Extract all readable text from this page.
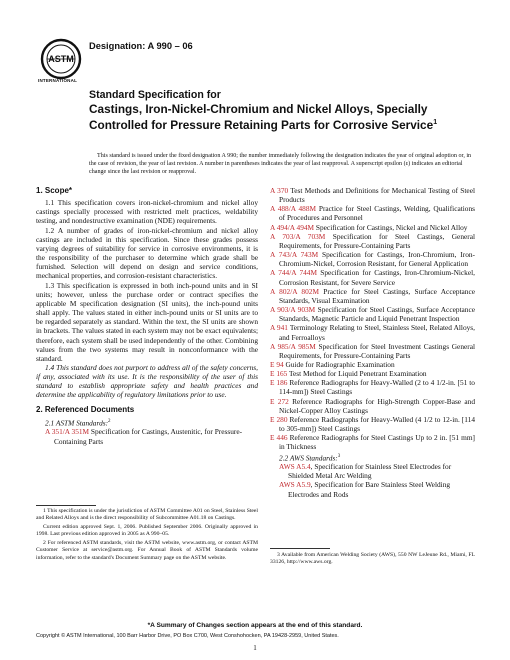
ASTM
INTERNATIONAL
Designation: A 990 – 06
Standard Specification for
Castings, Iron-Nickel-Chromium and Nickel Alloys, Specially Controlled for Pressure Retaining Parts for Corrosive Service$^1$
This standard is issued under the fixed designation A 990; the number immediately following the designation indicates the year of original adoption or, in the case of revision, the year of last revision. A number in parentheses indicates the year of last reapproval. A superscript epsilon (ε) indicates an editorial change since the last revision or reapproval.

1. Scope*

1.1 This specification covers iron-nickel-chromium and nickel alloy castings specially processed with restricted melt practices, weldability testing, and nondestructive examination (NDE) requirements.

1.2 A number of grades of iron-nickel-chromium and nickel alloy castings are included in this specification. Since these grades possess varying degrees of suitability for service in corrosive environments, it is the responsibility of the purchaser to determine which grade shall be furnished. Selection will depend on design and service conditions, mechanical properties, and corrosion-resistant characteristics.

1.3 This specification is expressed in both inch-pound units and in SI units; however, unless the purchase order or contract specifies the applicable M specification designation (SI units), the inch-pound units shall apply. The values stated in either inch-pound units or SI units are to be regarded separately as standard. Within the text, the SI units are shown in brackets. The values stated in each system may not be exact equivalents; therefore, each system shall be used independently of the other. Combining values from the two systems may result in nonconformance with the standard.

1.4 This standard does not purport to address all of the safety concerns, if any, associated with its use. It is the responsibility of the user of this standard to establish appropriate safety and health practices and determine the applicability of regulatory limitations prior to use.

2. Referenced Documents

2.1 ASTM Standards:$^2$

A 351/A 351M Specification for Castings, Austenitic, for Pressure-Containing Parts

A 370 Test Methods and Definitions for Mechanical Testing of Steel Products

A 488/A 488M Practice for Steel Castings, Welding, Qualifications of Procedures and Personnel

A 494/A 494M Specification for Castings, Nickel and Nickel Alloy

A 703/A 703M Specification for Steel Castings, General Requirements, for Pressure-Containing Parts

A 743/A 743M Specification for Castings, Iron-Chromium, Iron-Chromium-Nickel, Corrosion Resistant, for General Application

A 744/A 744M Specification for Castings, Iron-Chromium-Nickel, Corrosion Resistant, for Severe Service

A 802/A 802M Practice for Steel Castings, Surface Acceptance Standards, Visual Examination

A 903/A 903M Specification for Steel Castings, Surface Acceptance Standards, Magnetic Particle and Liquid Penetrant Inspection

A 941 Terminology Relating to Steel, Stainless Steel, Related Alloys, and Ferroalloys

A 985/A 985M Specification for Steel Investment Castings General Requirements, for Pressure-Containing Parts

E 94 Guide for Radiographic Examination

E 165 Test Method for Liquid Penetrant Examination

E 186 Reference Radiographs for Heavy-Walled (2 to 4 1/2-in. [51 to 114-mm]) Steel Castings

E 272 Reference Radiographs for High-Strength Copper-Base and Nickel-Copper Alloy Castings

E 280 Reference Radiographs for Heavy-Walled (4 1/2 to 12-in. [114 to 305-mm]) Steel Castings

E 446 Reference Radiographs for Steel Castings Up to 2 in. [51 mm] in Thickness

2.2 AWS Standards:$^3$

AWS A5.4, Specification for Stainless Steel Electrodes for Shielded Metal Arc Welding

AWS A5.9, Specification for Bare Stainless Steel Welding Electrodes and Rods

1 This specification is under the jurisdiction of ASTM Committee A01 on Steel, Stainless Steel and Related Alloys and is the direct responsibility of Subcommittee A01.18 on Castings.

Current edition approved Sept. 1, 2006. Published September 2006. Originally approved in 1998. Last previous edition approved in 2005 as A 990–05.

2 For referenced ASTM standards, visit the ASTM website, www.astm.org, or contact ASTM Customer Service at service@astm.org. For Annual Book of ASTM Standards volume information, refer to the standard's Document Summary page on the ASTM website.	3 Available from American Welding Society (AWS), 550 NW LeJeune Rd., Miami, FL 33126, http://www.aws.org.

*A Summary of Changes section appears at the end of this standard.
Copyright © ASTM International, 100 Barr Harbor Drive, PO Box C700, West Conshohocken, PA 19428-2959, United States.
1
